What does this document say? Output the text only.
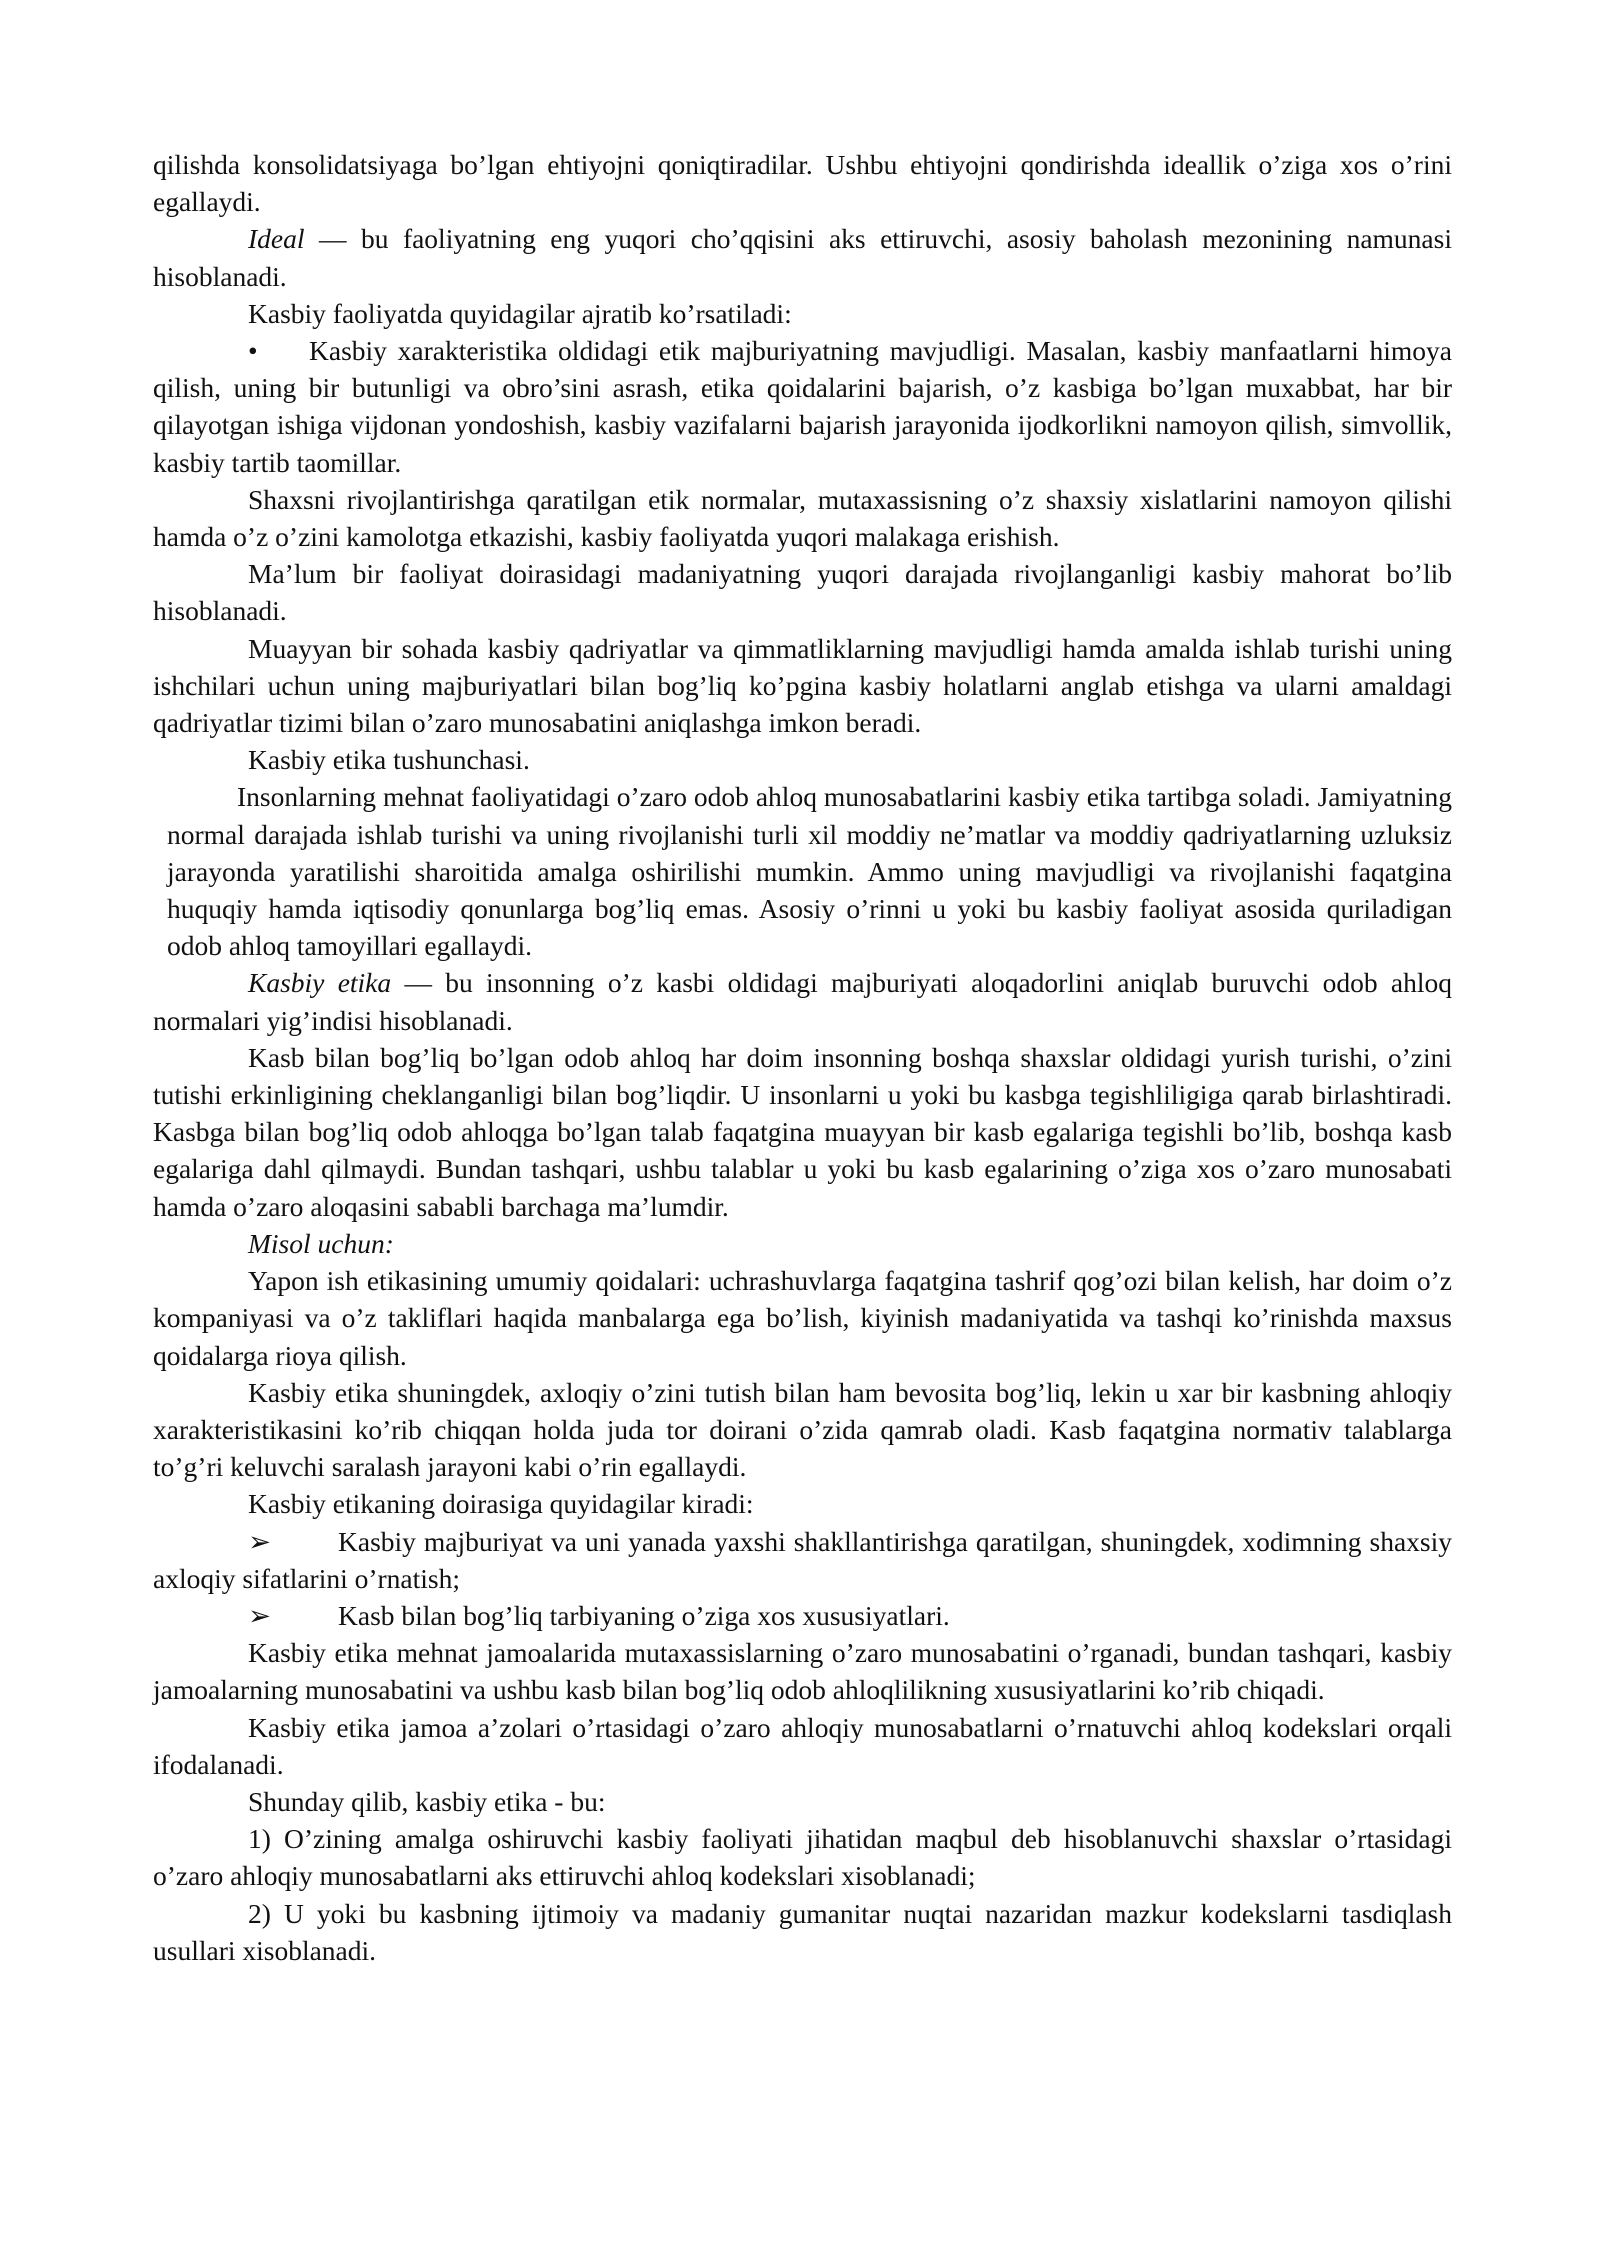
qilishda konsolidatsiyaga bo’lgan ehtiyojni qoniqtiradilar. Ushbu ehtiyojni qondirishda ideallik o’ziga xos o’rini egallaydi.

Ideal — bu faoliyatning eng yuqori cho’qqisini aks ettiruvchi, asosiy baholash mezonining namunasi hisoblanadi.

Kasbiy faoliyatda quyidagilar ajratib ko’rsatiladi:

• Kasbiy xarakteristika oldidagi etik majburiyatning mavjudligi. Masalan, kasbiy manfaatlarni himoya qilish, uning bir butunligi va obro’sini asrash, etika qoidalarini bajarish, o’z kasbiga bo’lgan muxabbat, har bir qilayotgan ishiga vijdonan yondoshish, kasbiy vazifalarni bajarish jarayonida ijodkorlikni namoyon qilish, simvollik, kasbiy tartib taomillar.

Shaxsni rivojlantirishga qaratilgan etik normalar, mutaxassisning o’z shaxsiy xislatlarini namoyon qilishi hamda o’z o’zini kamolotga etkazishi, kasbiy faoliyatda yuqori malakaga erishish.

Ma’lum bir faoliyat doirasidagi madaniyatning yuqori darajada rivojlanganligi kasbiy mahorat bo’lib hisoblanadi.

Muayyan bir sohada kasbiy qadriyatlar va qimmatliklarning mavjudligi hamda amalda ishlab turishi uning ishchilari uchun uning majburiyatlari bilan bog’liq ko’pgina kasbiy holatlarni anglab etishga va ularni amaldagi qadriyatlar tizimi bilan o’zaro munosabatini aniqlashga imkon beradi.

Kasbiy etika tushunchasi.

Insonlarning mehnat faoliyatidagi o’zaro odob ahloq munosabatlarini kasbiy etika tartibga soladi. Jamiyatning normal darajada ishlab turishi va uning rivojlanishi turli xil moddiy ne’matlar va moddiy qadriyatlarning uzluksiz jarayonda yaratilishi sharoitida amalga oshirilishi mumkin. Ammo uning mavjudligi va rivojlanishi faqatgina huquqiy hamda iqtisodiy qonunlarga bog’liq emas. Asosiy o’rinni u yoki bu kasbiy faoliyat asosida quriladigan odob ahloq tamoyillari egallaydi.

Kasbiy etika — bu insonning o’z kasbi oldidagi majburiyati aloqadorlini aniqlab buruvchi odob ahloq normalari yig’indisi hisoblanadi.

Kasb bilan bog’liq bo’lgan odob ahloq har doim insonning boshqa shaxslar oldidagi yurish turishi, o’zini tutishi erkinligining cheklanganligi bilan bog’liqdir. U insonlarni u yoki bu kasbga tegishliligiga qarab birlashtiradi. Kasbga bilan bog’liq odob ahloqga bo’lgan talab faqatgina muayyan bir kasb egalariga tegishli bo’lib, boshqa kasb egalariga dahl qilmaydi. Bundan tashqari, ushbu talablar u yoki bu kasb egalarining o’ziga xos o’zaro munosabati hamda o’zaro aloqasini sababli barchaga ma’lumdir.

Misol uchun:

Yapon ish etikasining umumiy qoidalari: uchrashuvlarga faqatgina tashrif qog’ozi bilan kelish, har doim o’z kompaniyasi va o’z takliflari haqida manbalarga ega bo’lish, kiyinish madaniyatida va tashqi ko’rinishda maxsus qoidalarga rioya qilish.

Kasbiy etika shuningdek, axloqiy o’zini tutish bilan ham bevosita bog’liq, lekin u xar bir kasbning ahloqiy xarakteristikasini ko’rib chiqqan holda juda tor doirani o’zida qamrab oladi. Kasb faqatgina normativ talablarga to’g’ri keluvchi saralash jarayoni kabi o’rin egallaydi.

Kasbiy etikaning doirasiga quyidagilar kiradi:

➢ Kasbiy majburiyat va uni yanada yaxshi shakllantirishga qaratilgan, shuningdek, xodimning shaxsiy axloqiy sifatlarini o’rnatish;

➢ Kasb bilan bog’liq tarbiyaning o’ziga xos xususiyatlari.

Kasbiy etika mehnat jamoalarida mutaxassislarning o’zaro munosabatini o’rganadi, bundan tashqari, kasbiy jamoalarning munosabatini va ushbu kasb bilan bog’liq odob ahloqlilikning xususiyatlarini ko’rib chiqadi.

Kasbiy etika jamoa a’zolari o’rtasidagi o’zaro ahloqiy munosabatlarni o’rnatuvchi ahloq kodekslari orqali ifodalanadi.

Shunday qilib, kasbiy etika - bu:

1) O’zining amalga oshiruvchi kasbiy faoliyati jihatidan maqbul deb hisoblanuvchi shaxslar o’rtasidagi o’zaro ahloqiy munosabatlarni aks ettiruvchi ahloq kodekslari xisoblanadi;

2) U yoki bu kasbning ijtimoiy va madaniy gumanitar nuqtai nazaridan mazkur kodekslarni tasdiqlash usullari xisoblanadi.
